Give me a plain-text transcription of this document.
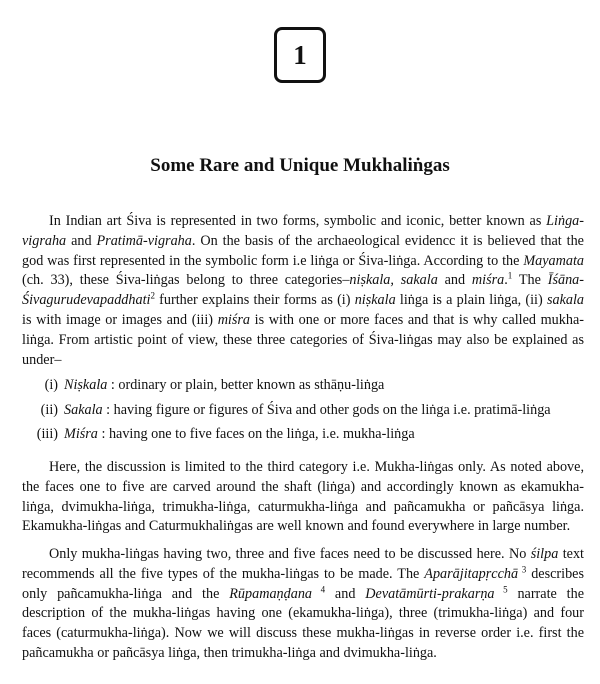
1
Some Rare and Unique Mukhaliṅgas

In Indian art Śiva is represented in two forms, symbolic and iconic, better known as Liṅga-vigraha and Pratimā-vigraha. On the basis of the archaeological evidencc it is believed that the god was first represented in the symbolic form i.e liṅga or Śiva-liṅga. According to the Mayamata (ch. 33), these Śiva-liṅgas belong to three categories–niṣkala, sakala and miśra.$^1$ The Īśāna-Śivagurudevapaddhati$^2$ further explains their forms as (i) niṣkala liṅga is a plain liṅga, (ii) sakala is with image or images and (iii) miśra is with one or more faces and that is why called mukha-liṅga. From artistic point of view, these three categories of Śiva-liṅgas may also be explained as under–

(i) Niṣkala : ordinary or plain, better known as sthāṇu-liṅga
(ii) Sakala : having figure or figures of Śiva and other gods on the liṅga i.e. pratimā-liṅga
(iii) Miśra : having one to five faces on the liṅga, i.e. mukha-liṅga

Here, the discussion is limited to the third category i.e. Mukha-liṅgas only. As noted above, the faces one to five are carved around the shaft (liṅga) and accordingly known as ekamukha-liṅga, dvimukha-liṅga, trimukha-liṅga, caturmukha-liṅga and pañcamukha or pañcāsya liṅga. Ekamukha-liṅgas and Caturmukhaliṅgas are well known and found everywhere in large number.

Only mukha-liṅgas having two, three and five faces need to be discussed here. No śilpa text recommends all the five types of the mukha-liṅgas to be made. The Aparājitapṛcchā $^3$ describes only pañcamukha-liṅga and the Rūpamaṇḍana $^4$ and Devatāmūrti-prakarṇa $^5$ narrate the description of the mukha-liṅgas having one (ekamukha-liṅga), three (trimukha-liṅga) and four faces (caturmukha-liṅga). Now we will discuss these mukha-liṅgas in reverse order i.e. first the pañcamukha or pañcāsya liṅga, then trimukha-liṅga and dvimukha-liṅga.
